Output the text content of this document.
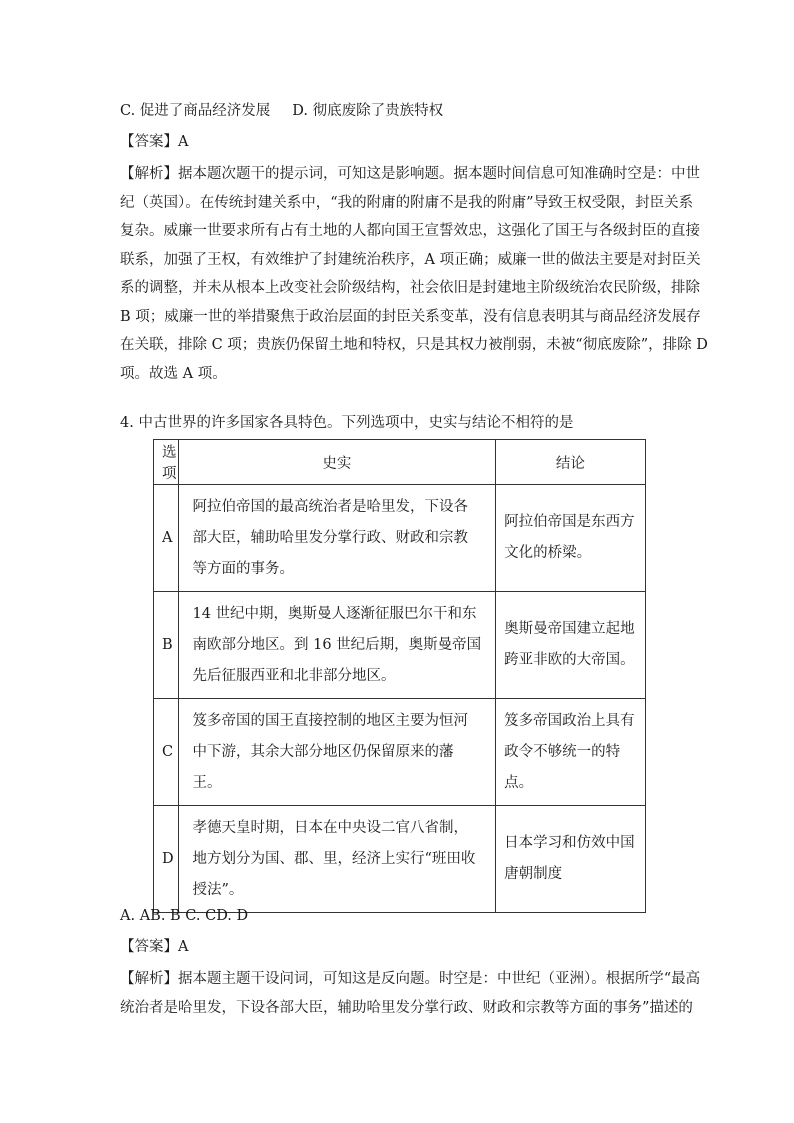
C. 促进了商品经济发展 D. 彻底废除了贵族特权
【答案】A
【解析】据本题次题干的提示词，可知这是影响题。据本题时间信息可知准确时空是：中世
纪（英国）。在传统封建关系中，“我的附庸的附庸不是我的附庸”导致王权受限，封臣关系
复杂。威廉一世要求所有占有土地的人都向国王宣誓效忠，这强化了国王与各级封臣的直接
联系，加强了王权，有效维护了封建统治秩序，A 项正确；威廉一世的做法主要是对封臣关
系的调整，并未从根本上改变社会阶级结构，社会依旧是封建地主阶级统治农民阶级，排除
B 项；威廉一世的举措聚焦于政治层面的封臣关系变革，没有信息表明其与商品经济发展存
在关联，排除 C 项；贵族仍保留土地和特权，只是其权力被削弱，未被“彻底废除”，排除 D
项。故选 A 项。
4. 中古世界的许多国家各具特色。下列选项中，史实与结论不相符的是
选项	史实	结论
A	阿拉伯帝国的最高统治者是哈里发，下设各
部大臣，辅助哈里发分掌行政、财政和宗教
等方面的事务。	阿拉伯帝国是东西方
文化的桥梁。

B	14 世纪中期，奥斯曼人逐渐征服巴尔干和东
南欧部分地区。到 16 世纪后期，奥斯曼帝国
先后征服西亚和北非部分地区。	奥斯曼帝国建立起地
跨亚非欧的大帝国。

C	笈多帝国的国王直接控制的地区主要为恒河
中下游，其余大部分地区仍保留原来的藩
王。	笈多帝国政治上具有
政令不够统一的特
点。

D	孝德天皇时期，日本在中央设二官八省制，
地方划分为国、郡、里，经济上实行“班田收
授法”。	日本学习和仿效中国
唐朝制度
A. AB. B C. CD. D
【答案】A
【解析】据本题主题干设问词，可知这是反向题。时空是：中世纪（亚洲）。根据所学“最高
统治者是哈里发，下设各部大臣，辅助哈里发分掌行政、财政和宗教等方面的事务”描述的
